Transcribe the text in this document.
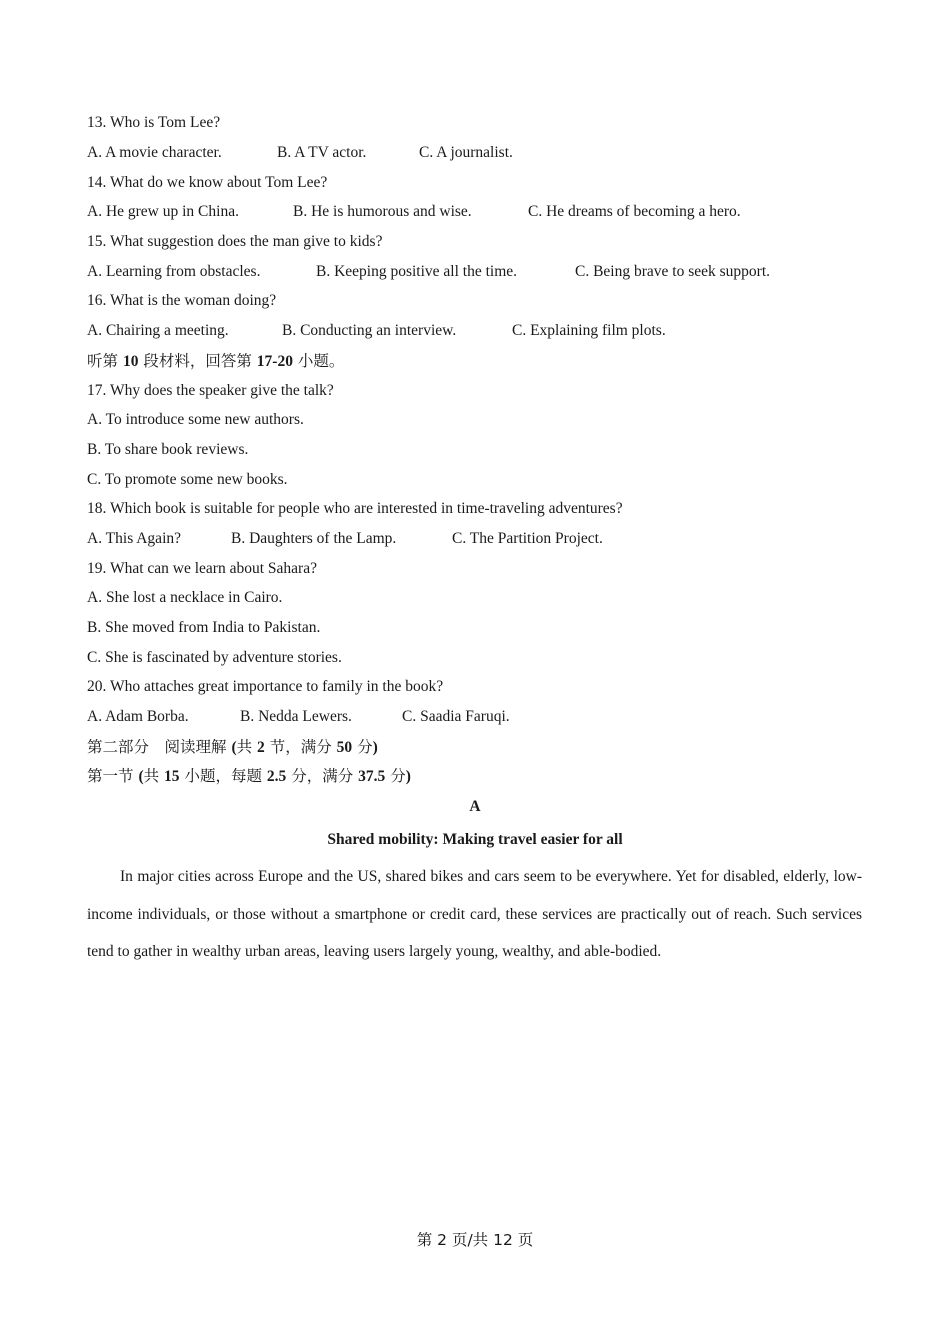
13. Who is Tom Lee?
A. A movie character.	B. A TV actor.	C. A journalist.
14. What do we know about Tom Lee?
A. He grew up in China.	B. He is humorous and wise.	C. He dreams of becoming a hero.
15. What suggestion does the man give to kids?
A. Learning from obstacles.	B. Keeping positive all the time.	C. Being brave to seek support.
16. What is the woman doing?
A. Chairing a meeting.	B. Conducting an interview.	C. Explaining film plots.
听第 10 段材料，回答第 17-20 小题。
17. Why does the speaker give the talk?
A. To introduce some new authors.
B. To share book reviews.
C. To promote some new books.
18. Which book is suitable for people who are interested in time-traveling adventures?
A. This Again?	B. Daughters of the Lamp.	C. The Partition Project.
19. What can we learn about Sahara?
A. She lost a necklace in Cairo.
B. She moved from India to Pakistan.
C. She is fascinated by adventure stories.
20. Who attaches great importance to family in the book?
A. Adam Borba.	B. Nedda Lewers.	C. Saadia Faruqi.
第二部分　阅读理解 (共 2 节，满分 50 分)
第一节 (共 15 小题，每题 2.5 分，满分 37.5 分)
A
Shared mobility: Making travel easier for all
In major cities across Europe and the US, shared bikes and cars seem to be everywhere. Yet for disabled, elderly, low-income individuals, or those without a smartphone or credit card, these services are practically out of reach. Such services tend to gather in wealthy urban areas, leaving users largely young, wealthy, and able-bodied.
第 2 页/共 12 页
